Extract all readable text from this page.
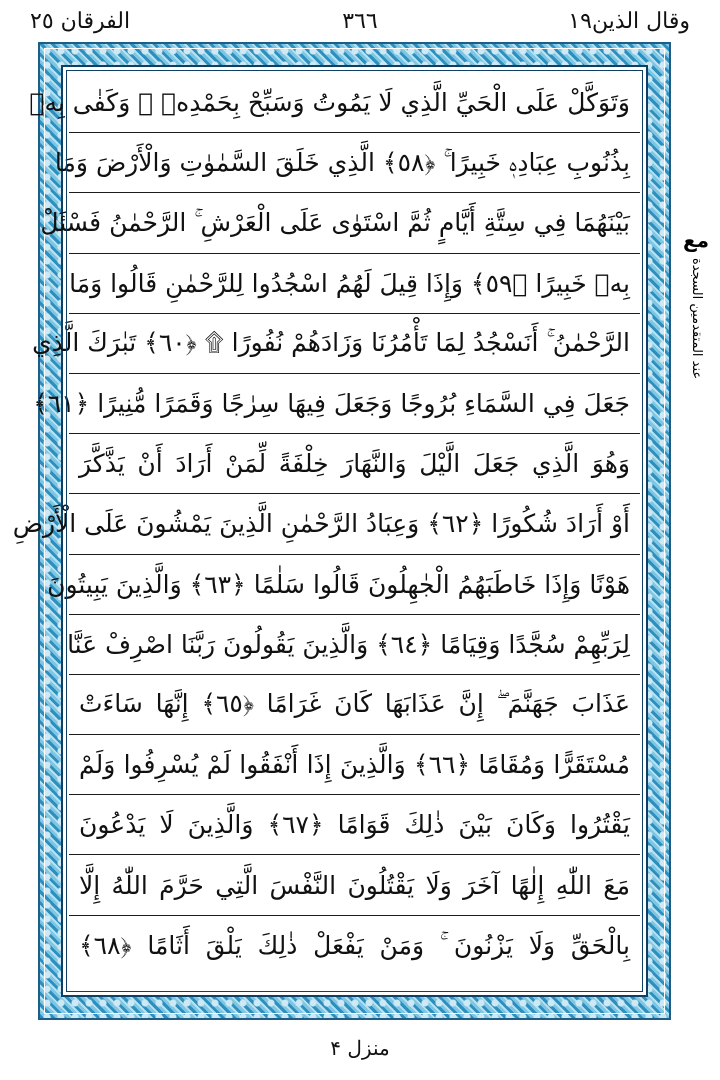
وقال الذين١٩
٣٦٦
الفرقان ٢٥
وَتَوَكَّلْ عَلَى الْحَيِّ الَّذِي لَا يَمُوتُ وَسَبِّحْ بِحَمْدِهٖ ۚ وَكَفٰى بِهٖ
بِذُنُوبِ عِبَادِهٖ خَبِيرًا ۚ ﴿٥٨﴾ الَّذِي خَلَقَ السَّمٰوٰتِ وَالْأَرْضَ وَمَا
بَيْنَهُمَا فِي سِتَّةِ أَيَّامٍ ثُمَّ اسْتَوٰى عَلَى الْعَرْشِ ۚ الرَّحْمٰنُ فَسْئَلْ
بِهٖ خَبِيرًا ﴿٥٩﴾ وَإِذَا قِيلَ لَهُمُ اسْجُدُوا لِلرَّحْمٰنِ قَالُوا وَمَا
الرَّحْمٰنُ ۚ أَنَسْجُدُ لِمَا تَأْمُرُنَا وَزَادَهُمْ نُفُورًا ۩ ﴿٦٠﴾ تَبٰرَكَ الَّذِي
جَعَلَ فِي السَّمَاءِ بُرُوجًا وَجَعَلَ فِيهَا سِرٰجًا وَقَمَرًا مُّنِيرًا ﴿٦١﴾
وَهُوَ الَّذِي جَعَلَ الَّيْلَ وَالنَّهَارَ خِلْفَةً لِّمَنْ أَرَادَ أَنْ يَذَّكَّرَ
أَوْ أَرَادَ شُكُورًا ﴿٦٢﴾ وَعِبَادُ الرَّحْمٰنِ الَّذِينَ يَمْشُونَ عَلَى الْأَرْضِ
هَوْنًا وَإِذَا خَاطَبَهُمُ الْجٰهِلُونَ قَالُوا سَلٰمًا ﴿٦٣﴾ وَالَّذِينَ يَبِيتُونَ
لِرَبِّهِمْ سُجَّدًا وَقِيَامًا ﴿٦٤﴾ وَالَّذِينَ يَقُولُونَ رَبَّنَا اصْرِفْ عَنَّا
عَذَابَ جَهَنَّمَ ۖ إِنَّ عَذَابَهَا كَانَ غَرَامًا ﴿٦٥﴾ إِنَّهَا سَاءَتْ
مُسْتَقَرًّا وَمُقَامًا ﴿٦٦﴾ وَالَّذِينَ إِذَا أَنْفَقُوا لَمْ يُسْرِفُوا وَلَمْ
يَقْتُرُوا وَكَانَ بَيْنَ ذٰلِكَ قَوَامًا ﴿٦٧﴾ وَالَّذِينَ لَا يَدْعُونَ
مَعَ اللّٰهِ إِلٰهًا آخَرَ وَلَا يَقْتُلُونَ النَّفْسَ الَّتِي حَرَّمَ اللّٰهُ إِلَّا
بِالْحَقِّ وَلَا يَزْنُونَ ۚ وَمَنْ يَفْعَلْ ذٰلِكَ يَلْقَ أَثَامًا ﴿٦٨﴾
مع
عند المتقدمين السجدة
منزل ۴
